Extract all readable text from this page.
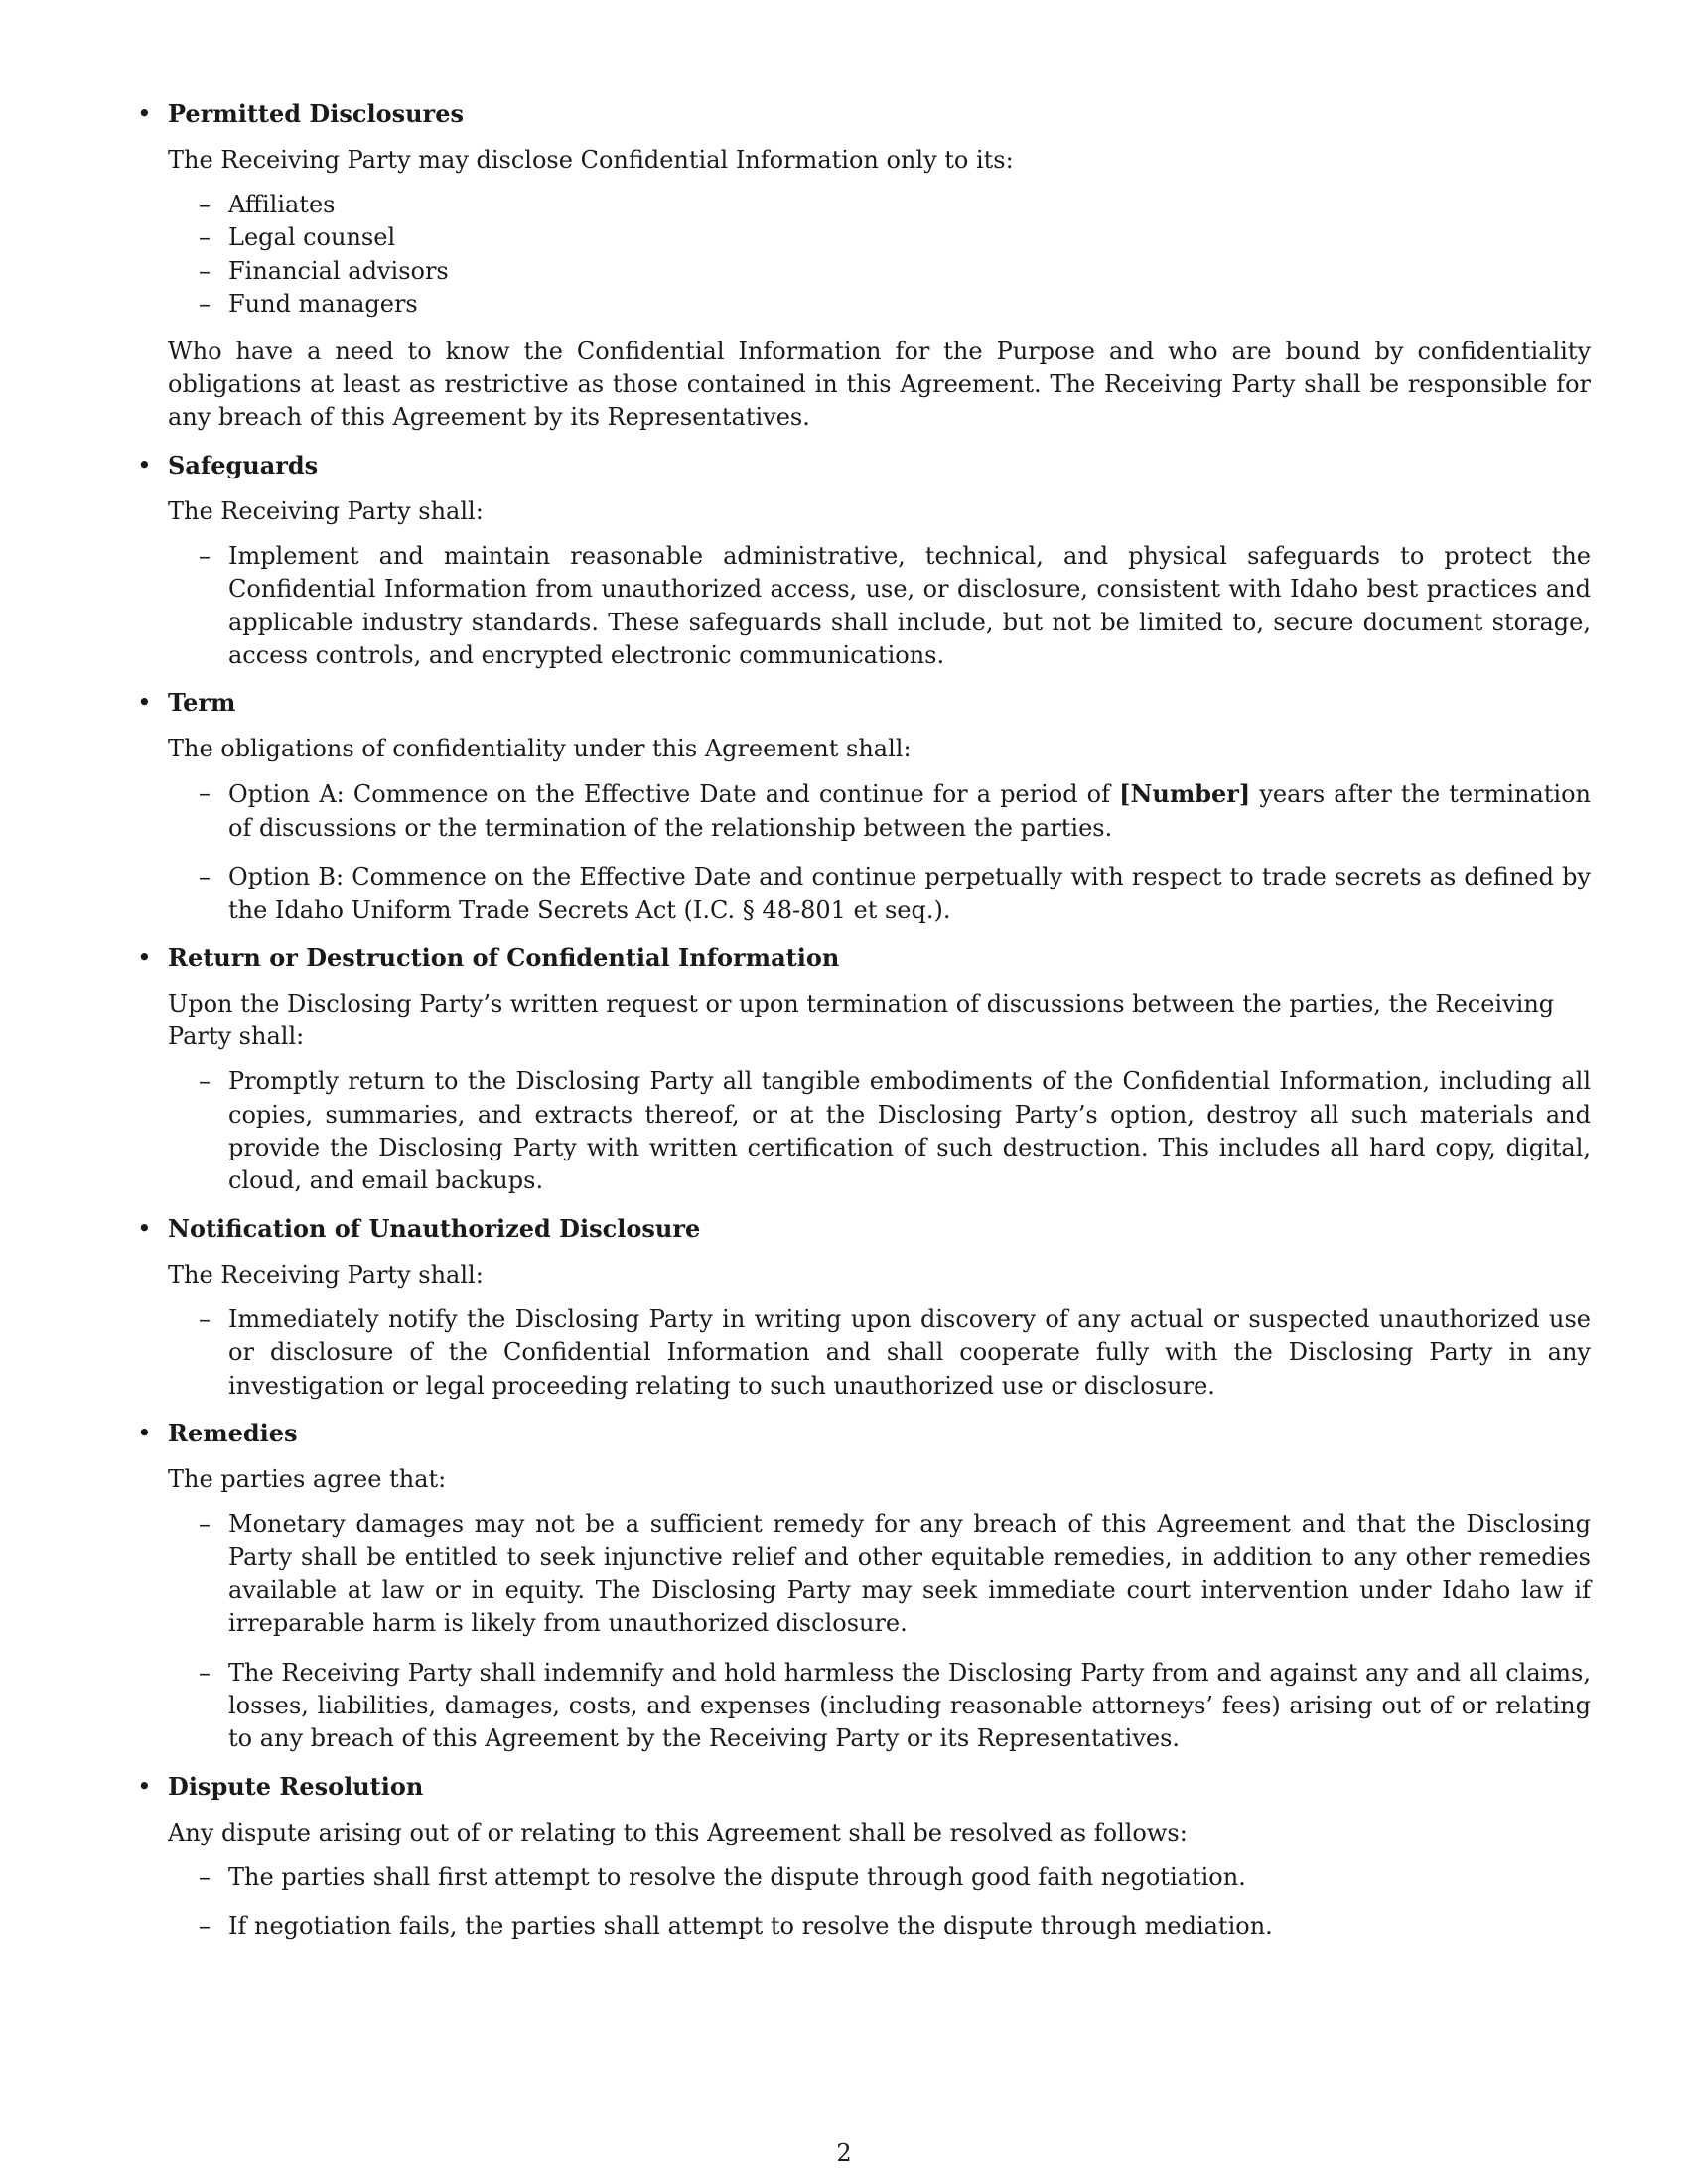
• Permitted Disclosures
The Receiving Party may disclose Confidential Information only to its:
– Affiliates
– Legal counsel
– Financial advisors
– Fund managers
Who have a need to know the Confidential Information for the Purpose and who are bound by confidentiality obligations at least as restrictive as those contained in this Agreement. The Receiving Party shall be responsible for any breach of this Agreement by its Representatives.
• Safeguards
The Receiving Party shall:
– Implement and maintain reasonable administrative, technical, and physical safeguards to protect the Confidential Information from unauthorized access, use, or disclosure, consistent with Idaho best practices and applicable industry standards. These safeguards shall include, but not be limited to, secure document storage, access controls, and encrypted electronic communications.
• Term
The obligations of confidentiality under this Agreement shall:
– Option A: Commence on the Effective Date and continue for a period of [Number] years after the termination of discussions or the termination of the relationship between the parties.
– Option B: Commence on the Effective Date and continue perpetually with respect to trade secrets as defined by the Idaho Uniform Trade Secrets Act (I.C. § 48-801 et seq.).
• Return or Destruction of Confidential Information
Upon the Disclosing Party’s written request or upon termination of discussions between the parties, the Receiving Party shall:
– Promptly return to the Disclosing Party all tangible embodiments of the Confidential Information, including all copies, summaries, and extracts thereof, or at the Disclosing Party’s option, destroy all such materials and provide the Disclosing Party with written certification of such destruction. This includes all hard copy, digital, cloud, and email backups.
• Notification of Unauthorized Disclosure
The Receiving Party shall:
– Immediately notify the Disclosing Party in writing upon discovery of any actual or suspected unauthorized use or disclosure of the Confidential Information and shall cooperate fully with the Disclosing Party in any investigation or legal proceeding relating to such unauthorized use or disclosure.
• Remedies
The parties agree that:
– Monetary damages may not be a sufficient remedy for any breach of this Agreement and that the Disclosing Party shall be entitled to seek injunctive relief and other equitable remedies, in addition to any other remedies available at law or in equity. The Disclosing Party may seek immediate court intervention under Idaho law if irreparable harm is likely from unauthorized disclosure.
– The Receiving Party shall indemnify and hold harmless the Disclosing Party from and against any and all claims, losses, liabilities, damages, costs, and expenses (including reasonable attorneys’ fees) arising out of or relating to any breach of this Agreement by the Receiving Party or its Representatives.
• Dispute Resolution
Any dispute arising out of or relating to this Agreement shall be resolved as follows:
– The parties shall first attempt to resolve the dispute through good faith negotiation.
– If negotiation fails, the parties shall attempt to resolve the dispute through mediation.
2
